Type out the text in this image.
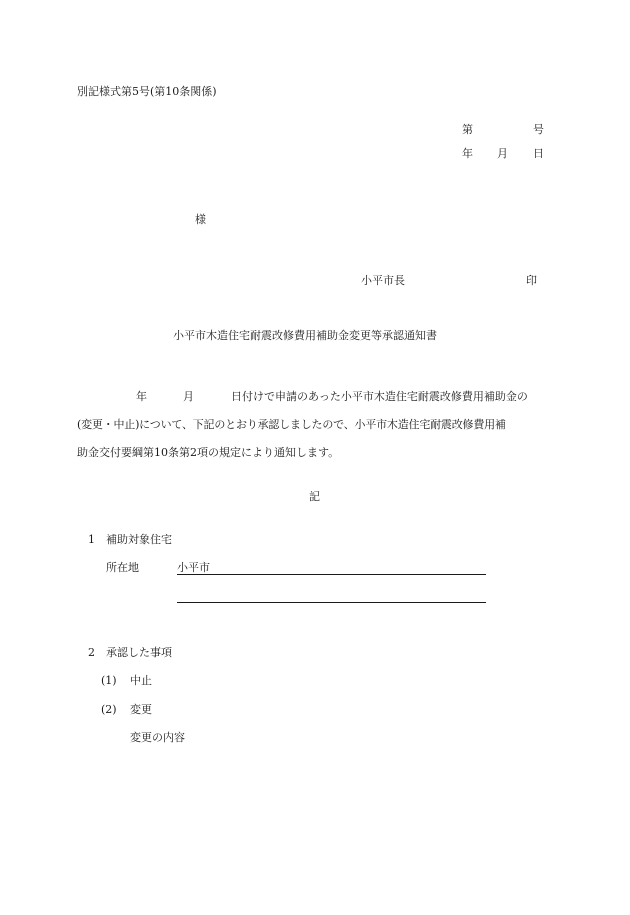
別記様式第5号(第10条関係)
第	号
年 月 日
様
小平市長	印
小平市木造住宅耐震改修費用補助金変更等承認通知書
年	月	日付けで申請のあった小平市木造住宅耐震改修費用補助金の
(変更・中止)について、下記のとおり承認しましたので、小平市木造住宅耐震改修費用補
助金交付要綱第10条第2項の規定により通知します。
記
1 補助対象住宅
所在地	小平市
2 承認した事項
(1) 中止
(2) 変更
変更の内容
